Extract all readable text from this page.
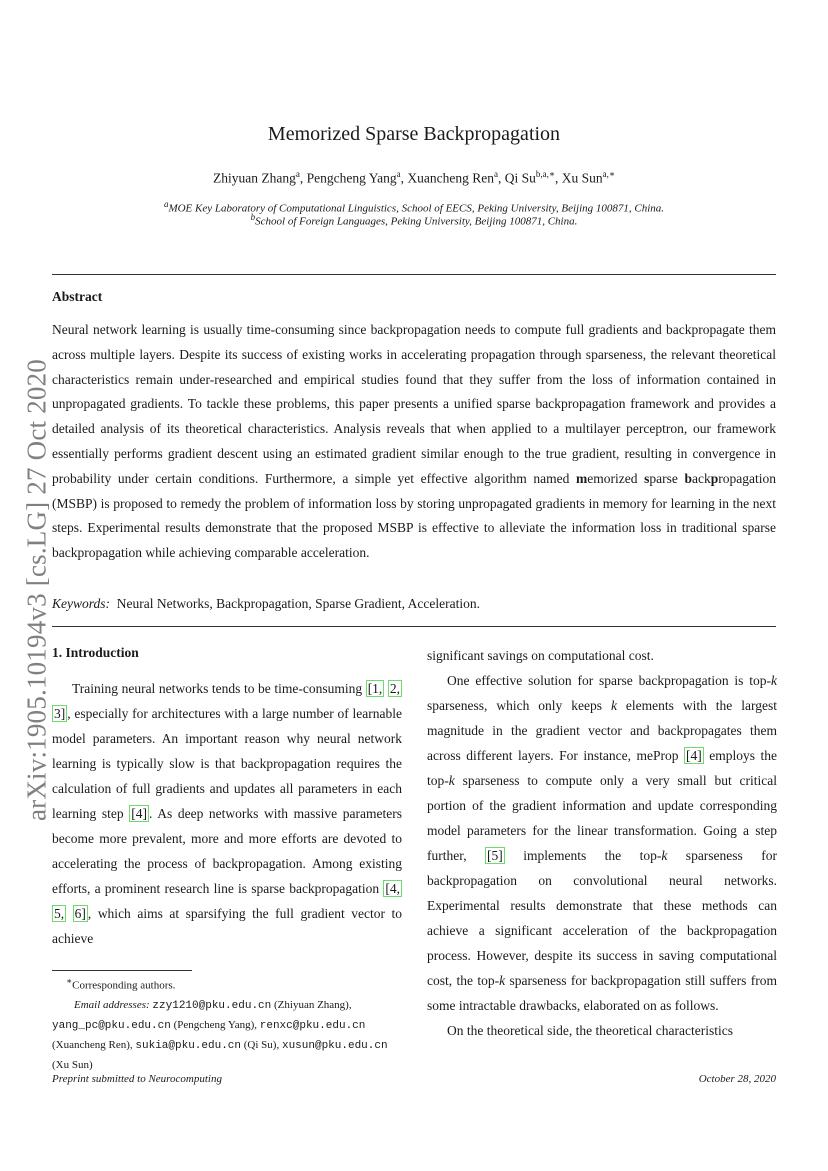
arXiv:1905.10194v3 [cs.LG] 27 Oct 2020
Memorized Sparse Backpropagation
Zhiyuan Zhang$^a$, Pengcheng Yang$^a$, Xuancheng Ren$^a$, Qi $Su^{b,a,∗}$, Xu Sun$^{a,∗}$
$^a$MOE Key Laboratory of Computational Linguistics, School of EECS, Peking University, Beijing 100871, China.
$^b$School of Foreign Languages, Peking University, Beijing 100871, China.
Abstract
Neural network learning is usually time-consuming since backpropagation needs to compute full gradients and backpropagate them across multiple layers. Despite its success of existing works in accelerating propagation through sparseness, the relevant theoretical characteristics remain under-researched and empirical studies found that they suffer from the loss of information contained in unpropagated gradients. To tackle these problems, this paper presents a unified sparse backpropagation framework and provides a detailed analysis of its theoretical characteristics. Analysis reveals that when applied to a multilayer perceptron, our framework essentially performs gradient descent using an estimated gradient similar enough to the true gradient, resulting in convergence in probability under certain conditions. Furthermore, a simple yet effective algorithm named memorized sparse backpropagation (MSBP) is proposed to remedy the problem of information loss by storing unpropagated gradients in memory for learning in the next steps. Experimental results demonstrate that the proposed MSBP is effective to alleviate the information loss in traditional sparse backpropagation while achieving comparable acceleration.
Keywords: Neural Networks, Backpropagation, Sparse Gradient, Acceleration.
1. Introduction
Training neural networks tends to be time-consuming [1, 2, 3] , especially for architectures with a large number of learnable model parameters. An important reason why neural network learning is typically slow is that backpropagation requires the calculation of full gradients and updates all parameters in each learning step [4] . As deep networks with massive parameters become more prevalent, more and more efforts are devoted to accelerating the process of backpropagation. Among existing efforts, a prominent research line is sparse backpropagation [4, 5, 6] , which aims at sparsifying the full gradient vector to achieve
significant savings on computational cost.
One effective solution for sparse backpropagation is top-k sparseness, which only keeps k elements with the largest magnitude in the gradient vector and backpropagates them across different layers. For instance, meProp [4] employs the top-k sparseness to compute only a very small but critical portion of the gradient information and update corresponding model parameters for the linear transformation. Going a step further, [5] implements the top-k sparseness for backpropagation on convolutional neural networks. Experimental results demonstrate that these methods can achieve a significant acceleration of the backpropagation process. However, despite its success in saving computational cost, the top-k sparseness for backpropagation still suffers from some intractable drawbacks, elaborated on as follows.
On the theoretical side, the theoretical characteristics
∗Corresponding authors.
Email addresses: zzy1210@pku.edu.cn (Zhiyuan Zhang),
yang_pc@pku.edu.cn (Pengcheng Yang), renxc@pku.edu.cn
(Xuancheng Ren), sukia@pku.edu.cn (Qi Su), xusun@pku.edu.cn
(Xu Sun)
Preprint submitted to Neurocomputing	October 28, 2020
